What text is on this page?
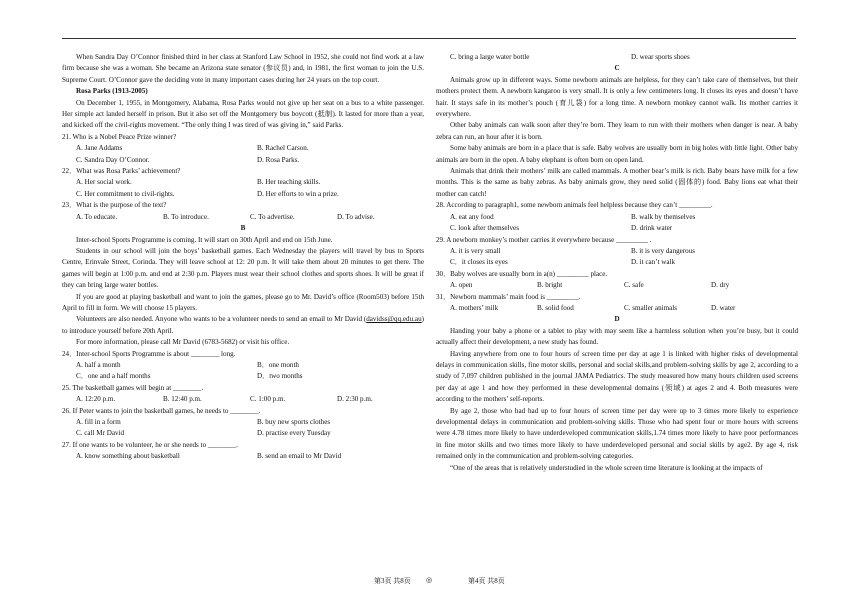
When Sandra Day O’Connor finished third in her class at Stanford Law School in 1952, she could not find work at a law firm because she was a woman. She became an Arizona state senator (参议员) and, in 1981, the first woman to join the U.S. Supreme Court. O’Connor gave the deciding vote in many important cases during her 24 years on the top court.

Rosa Parks (1913-2005)

On December 1, 1955, in Montgomery, Alabama, Rosa Parks would not give up her seat on a bus to a white passenger. Her simple act landed herself in prison. But it also set off the Montgomery bus boycott (抵制). It lasted for more than a year, and kicked off the civil-rights movement. “The only thing I was tired of was giving in,” said Parks.

21. Who is a Nobel Peace Prize winner?

A. Jane Addams	B. Rachel Carson.
C. Sandra Day O’Connor.	D. Rosa Parks.

22．What was Rosa Parks’ achievement?

A. Her social work.	B. Her teaching skills.
C. Her commitment to civil-rights.	D. Her efforts to win a prize.

23．What is the purpose of the text?

A. To educate.	B. To introduce.	C. To advertise.	D. To advise.

B

Inter-school Sports Programme is coming. It will start on 30th April and end on 15th June.

Students in our school will join the boys’ basketball games. Each Wednesday the players will travel by bus to Sports Centre, Erinvale Street, Corinda. They will leave school at 12: 20 p.m. It will take them about 20 minutes to get there. The games will begin at 1:00 p.m. and end at 2:30 p.m. Players must wear their school clothes and sports shoes. It will be great if they can bring large water bottles.

If you are good at playing basketball and want to join the games, please go to Mr. David’s office (Room503) before 15th April to fill in form. We will choose 15 players.

Volunteers are also needed. Anyone who wants to be a volunteer needs to send an email to Mr David (davidss@qq.edu.au) to introduce yourself before 20th April.

For more information, please call Mr David (6783-5682) or visit his office.

24．Inter-school Sports Programme is about ________ long.

A. half a month	B．one month
C．one and a half months	D．two months

25. The basketball games will begin at ________.

A. 12:20 p.m.	B. 12:40 p.m.	C. 1:00 p.m.	D. 2:30 p.m.

26. If Peter wants to join the basketball games, he needs to ________.

A. fill in a form	B. buy new sports clothes
C. call Mr David	D. practise every Tuesday

27. If one wants to be volunteer, he or she needs to ________.

A. know something about basketball	B. send an email to Mr David
C. bring a large water bottle	D. wear sports shoes

C

Animals grow up in different ways. Some newborn animals are helpless, for they can’t take care of themselves, but their mothers protect them. A newborn kangaroo is very small. It is only a few centimeters long. It closes its eyes and doesn’t have hair. It stays safe in its mother’s pouch (育儿袋) for a long time. A newborn monkey cannot walk. Its mother carries it everywhere.

Other baby animals can walk soon after they’re born. They learn to run with their mothers when danger is near. A baby zebra can run, an hour after it is born.

Some baby animals are born in a place that is safe. Baby wolves are usually born in big holes with little light. Other baby animals are born in the open. A baby elephant is often born on open land.

Animals that drink their mothers’ milk are called mammals. A mother bear’s milk is rich. Baby bears have milk for a few months. This is the same as baby zebras. As baby animals grow, they need solid (固体的) food. Baby lions eat what their mother can catch!

28. According to paragraph1, some newborn animals feel helpless because they can’t _________.

A. eat any food	B. walk by themselves
C. look after themselves	D. drink water

29. A newborn monkey’s mother carries it everywhere because _________ .

A. it is very small	B. it is very dangerous
C．it closes its eyes	D. it can’t walk

30．Baby wolves are usually born in a(n) _________ place.

A. open	B. bright	C. safe	D. dry

31．Newborn mammals’ main food is _________.

A. mothers’ milk	B. solid food	C. smaller animals	D. water

D

Handing your baby a phone or a tablet to play with may seem like a harmless solution when you’re busy, but it could actually affect their development, a new study has found.

Having anywhere from one to four hours of screen time per day at age 1 is linked with higher risks of developmental delays in communication skills, fine motor skills, personal and social skills,and problem-solving skills by age 2, according to a study of 7,097 children published in the journal JAMA Pediatrics. The study measured how many hours children used screens per day at age 1 and how they performed in these developmental domains (领域) at ages 2 and 4. Both measures were according to the mothers’ self-reports.

By age 2, those who had had up to four hours of screen time per day were up to 3 times more likely to experience developmental delays in communication and problem-solving skills. Those who had spent four or more hours with screens were 4.78 times more likely to have underdeveloped communication skills,1.74 times more likely to have poor performances in fine motor skills and two times more likely to have underdeveloped personal and social skills by age2. By age 4, risk remained only in the communication and problem-solving categories.

“One of the areas that is relatively understudied in the whole screen time literature is looking at the impacts of

第3页 共8页 ◎	第4页 共8页
